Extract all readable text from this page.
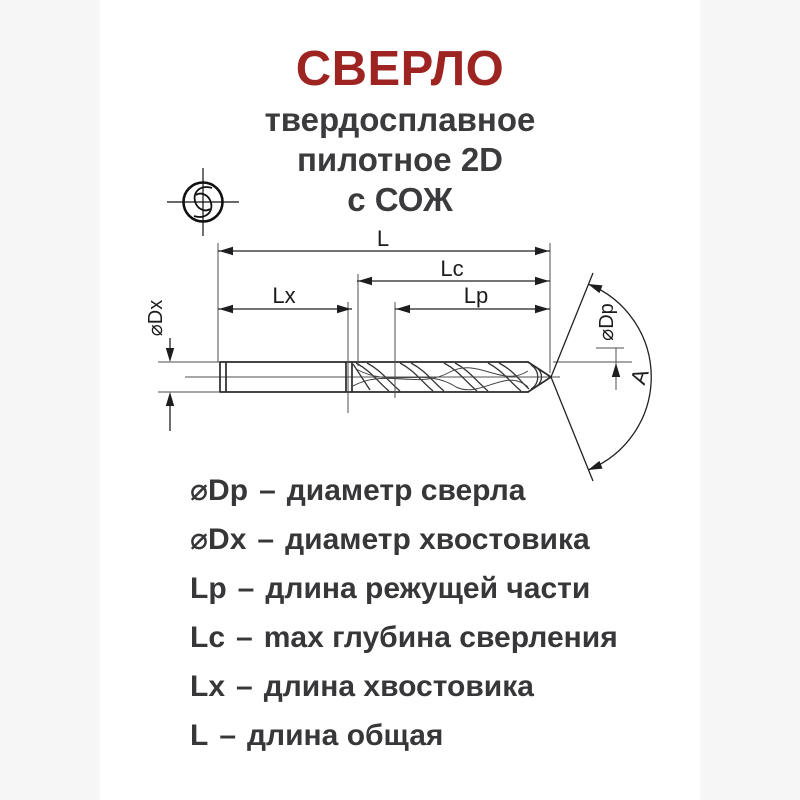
СВЕРЛО
твердосплавное
пилотное 2D
с СОЖ
L
Lc
Lx	Lp
⌀Dx	⌀Dp
A
⌀Dp – диаметр сверла
⌀Dx – диаметр хвостовика
Lp – длина режущей части
Lc – max глубина сверления
Lx – длина хвостовика
L – длина общая
